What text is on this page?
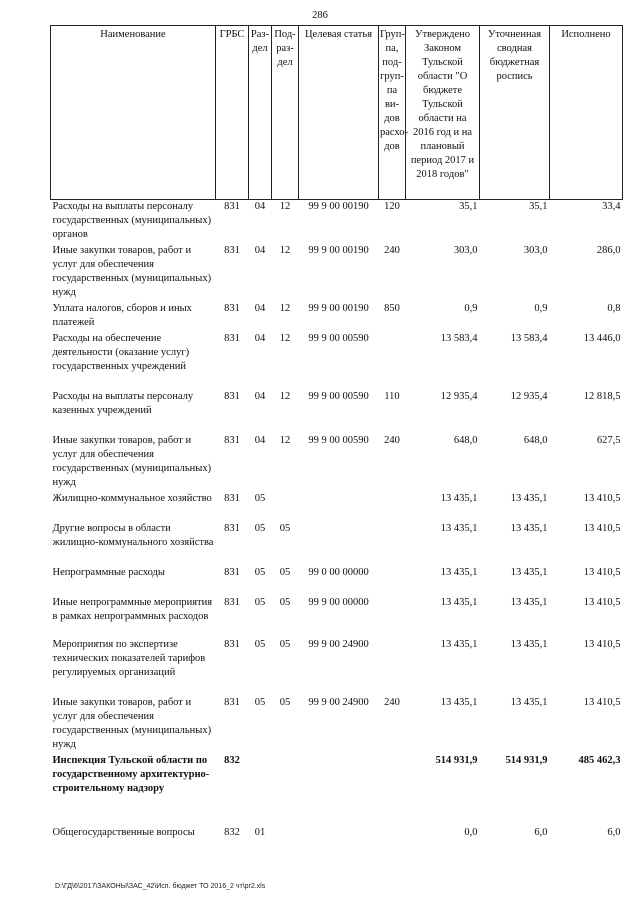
286
Наименование	ГРБС	Раз-дел	Под-раз-дел	Целевая статья	Груп-па, под-груп-па ви-дов расхо-дов	Утверждено Законом Тульской области "О бюджете Тульской области на 2016 год и на плановый период 2017 и 2018 годов"	Уточненная сводная бюджетная роспись	Исполнено
Расходы на выплаты персоналу государственных (муниципальных) органов	831	04	12	99 9 00 00190	120	35,1	35,1	33,4
Иные закупки товаров, работ и услуг для обеспечения государственных (муниципальных) нужд	831	04	12	99 9 00 00190	240	303,0	303,0	286,0
Уплата налогов, сборов и иных платежей	831	04	12	99 9 00 00190	850	0,9	0,9	0,8
Расходы на обеспечение деятельности (оказание услуг) государственных учреждений	831	04	12	99 9 00 00590		13 583,4	13 583,4	13 446,0
Расходы на выплаты персоналу казенных учреждений	831	04	12	99 9 00 00590	110	12 935,4	12 935,4	12 818,5
Иные закупки товаров, работ и услуг для обеспечения государственных (муниципальных) нужд	831	04	12	99 9 00 00590	240	648,0	648,0	627,5
Жилищно-коммунальное хозяйство	831	05				13 435,1	13 435,1	13 410,5
Другие вопросы в области жилищно-коммунального хозяйства	831	05	05			13 435,1	13 435,1	13 410,5
Непрограммные расходы	831	05	05	99 0 00 00000		13 435,1	13 435,1	13 410,5
Иные непрограммные мероприятия в рамках непрограммных расходов	831	05	05	99 9 00 00000		13 435,1	13 435,1	13 410,5
Мероприятия по экспертизе технических показателей тарифов регулируемых организаций	831	05	05	99 9 00 24900		13 435,1	13 435,1	13 410,5
Иные закупки товаров, работ и услуг для обеспечения государственных (муниципальных) нужд	831	05	05	99 9 00 24900	240	13 435,1	13 435,1	13 410,5
Инспекция Тульской области по государственному архитектурно-строительному надзору	832					514 931,9	514 931,9	485 462,3
Общегосударственные вопросы	832	01				0,0	6,0	6,0
D:\ГД\6\2017\ЗАКОНЫ\ЗАС_42\Исп. бюджет ТО 2016_2 чт\pr2.xls
